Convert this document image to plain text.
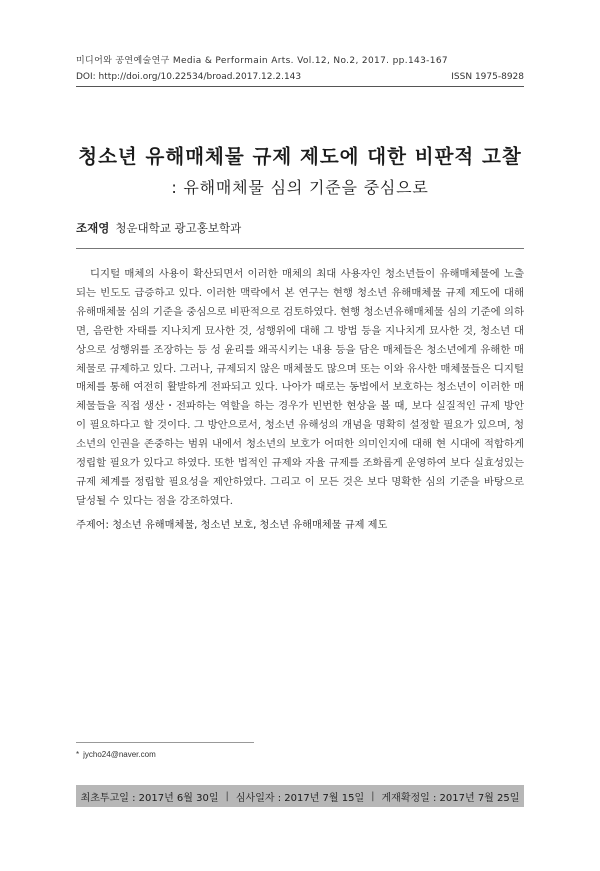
미디어와 공연예술연구 Media & Performain Arts. Vol.12, No.2, 2017. pp.143-167
DOI: http://doi.org/10.22534/broad.2017.12.2.143	ISSN 1975-8928
청소년 유해매체물 규제 제도에 대한 비판적 고찰
: 유해매체물 심의 기준을 중심으로
조재영 청운대학교 광고홍보학과

디지털 매체의 사용이 확산되면서 이러한 매체의 최대 사용자인 청소년들이 유해매체물에 노출되는 빈도도 급증하고 있다. 이러한 맥락에서 본 연구는 현행 청소년 유해매체물 규제 제도에 대해 유해매체물 심의 기준을 중심으로 비판적으로 검토하였다. 현행 청소년유해매체물 심의 기준에 의하면, 음란한 자태를 지나치게 묘사한 것, 성행위에 대해 그 방법 등을 지나치게 묘사한 것, 청소년 대상으로 성행위를 조장하는 등 성 윤리를 왜곡시키는 내용 등을 담은 매체들은 청소년에게 유해한 매체물로 규제하고 있다. 그러나, 규제되지 않은 매체물도 많으며 또는 이와 유사한 매체물들은 디지털 매체를 통해 여전히 활발하게 전파되고 있다. 나아가 때로는 동법에서 보호하는 청소년이 이러한 매체물들을 직접 생산・전파하는 역할을 하는 경우가 빈번한 현상을 볼 때, 보다 실질적인 규제 방안이 필요하다고 할 것이다. 그 방안으로서, 청소년 유해성의 개념을 명확히 설정할 필요가 있으며, 청소년의 인권을 존중하는 범위 내에서 청소년의 보호가 어떠한 의미인지에 대해 현 시대에 적합하게 정립할 필요가 있다고 하였다. 또한 법적인 규제와 자율 규제를 조화롭게 운영하여 보다 실효성있는 규제 체계를 정립할 필요성을 제안하였다. 그리고 이 모든 것은 보다 명확한 심의 기준을 바탕으로 달성될 수 있다는 점을 강조하였다.

주제어: 청소년 유해매체물, 청소년 보호, 청소년 유해매체물 규제 제도
* jycho24@naver.com
최초투고일 : 2017년 6월 30일 | 심사일자 : 2017년 7월 15일 | 게재확정일 : 2017년 7월 25일
